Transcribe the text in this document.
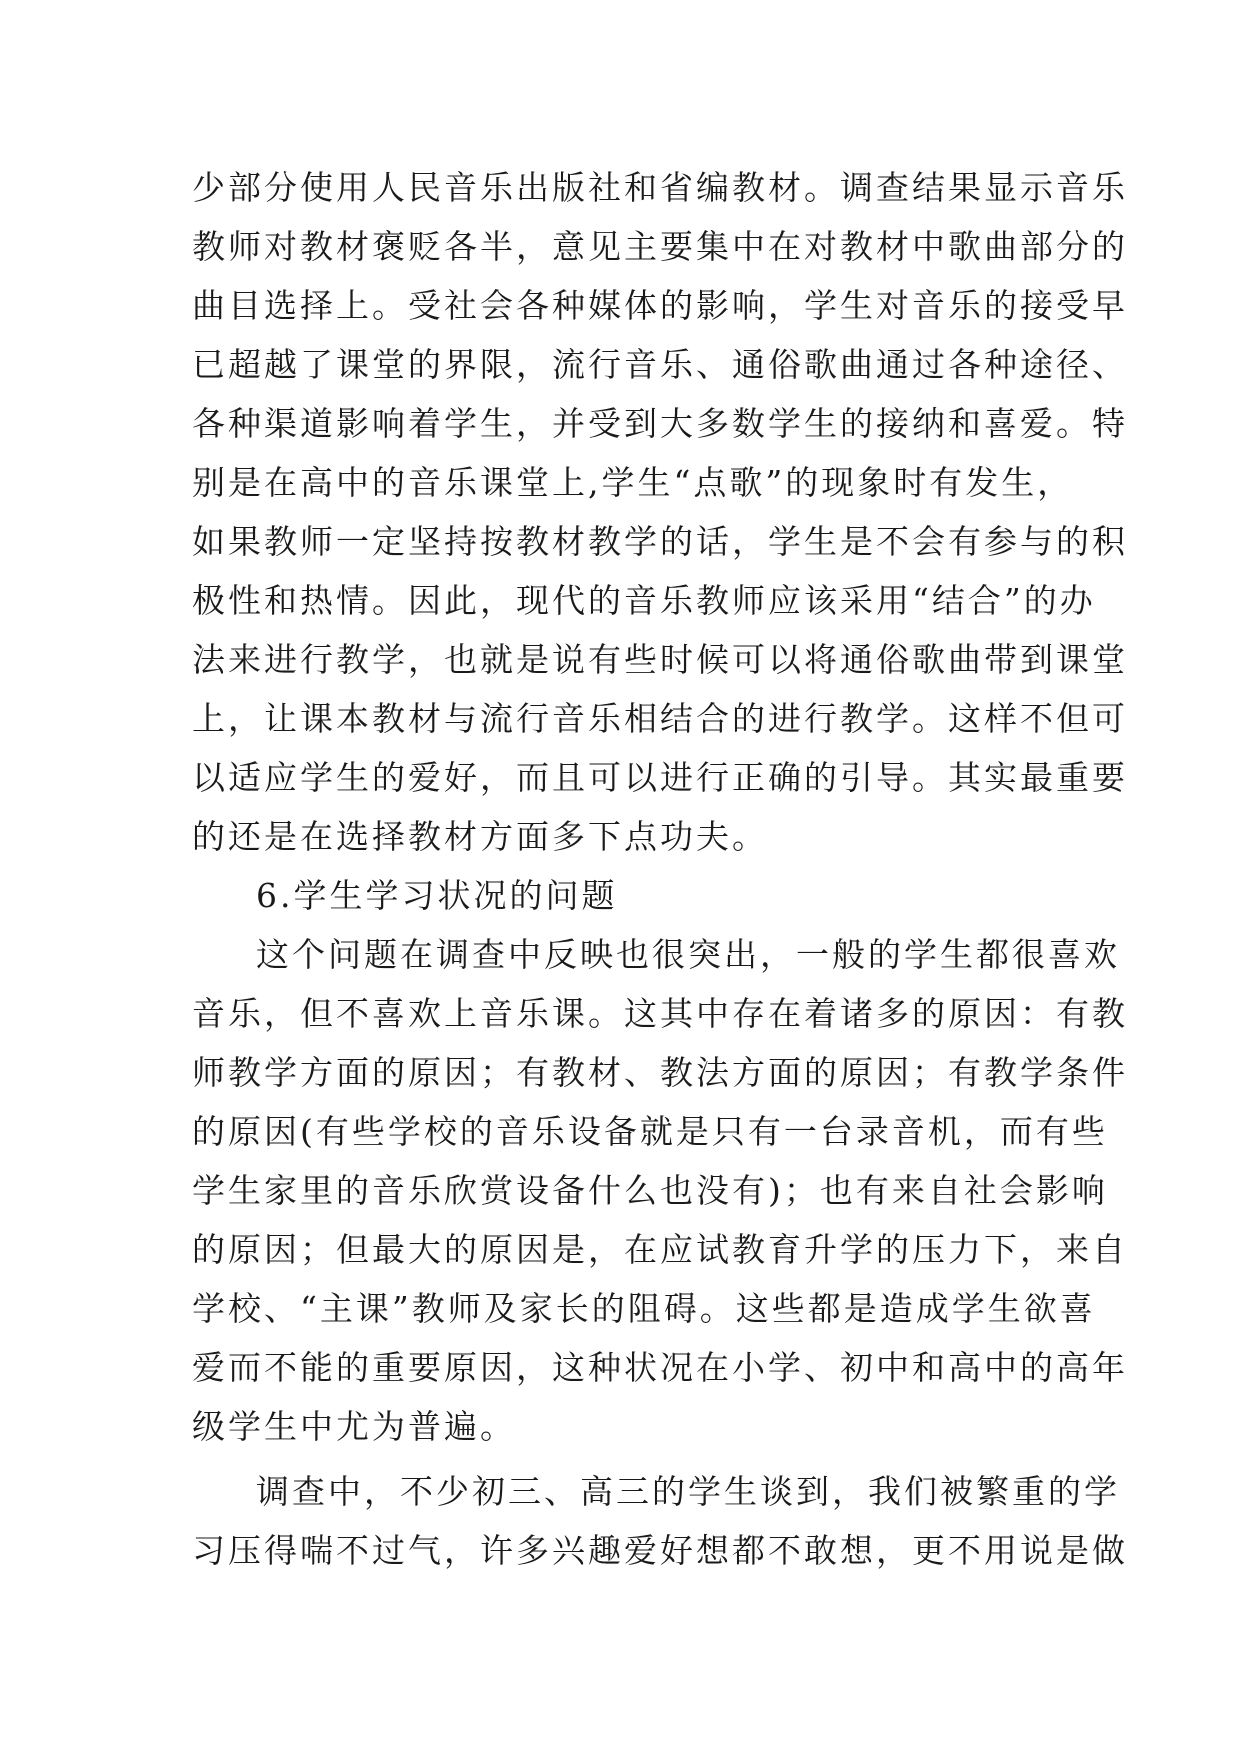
少部分使用人民音乐出版社和省编教材。调查结果显示音乐
教师对教材褒贬各半，意见主要集中在对教材中歌曲部分的
曲目选择上。受社会各种媒体的影响，学生对音乐的接受早
已超越了课堂的界限，流行音乐、通俗歌曲通过各种途径、
各种渠道影响着学生，并受到大多数学生的接纳和喜爱。特
别是在高中的音乐课堂上,学生“点歌”的现象时有发生，
如果教师一定坚持按教材教学的话，学生是不会有参与的积
极性和热情。因此，现代的音乐教师应该采用“结合”的办
法来进行教学，也就是说有些时候可以将通俗歌曲带到课堂
上，让课本教材与流行音乐相结合的进行教学。这样不但可
以适应学生的爱好，而且可以进行正确的引导。其实最重要
的还是在选择教材方面多下点功夫。
6.学生学习状况的问题
这个问题在调查中反映也很突出，一般的学生都很喜欢
音乐，但不喜欢上音乐课。这其中存在着诸多的原因：有教
师教学方面的原因；有教材、教法方面的原因；有教学条件
的原因(有些学校的音乐设备就是只有一台录音机，而有些
学生家里的音乐欣赏设备什么也没有)；也有来自社会影响
的原因；但最大的原因是，在应试教育升学的压力下，来自
学校、“主课”教师及家长的阻碍。这些都是造成学生欲喜
爱而不能的重要原因，这种状况在小学、初中和高中的高年
级学生中尤为普遍。
调查中，不少初三、高三的学生谈到，我们被繁重的学
习压得喘不过气，许多兴趣爱好想都不敢想，更不用说是做
